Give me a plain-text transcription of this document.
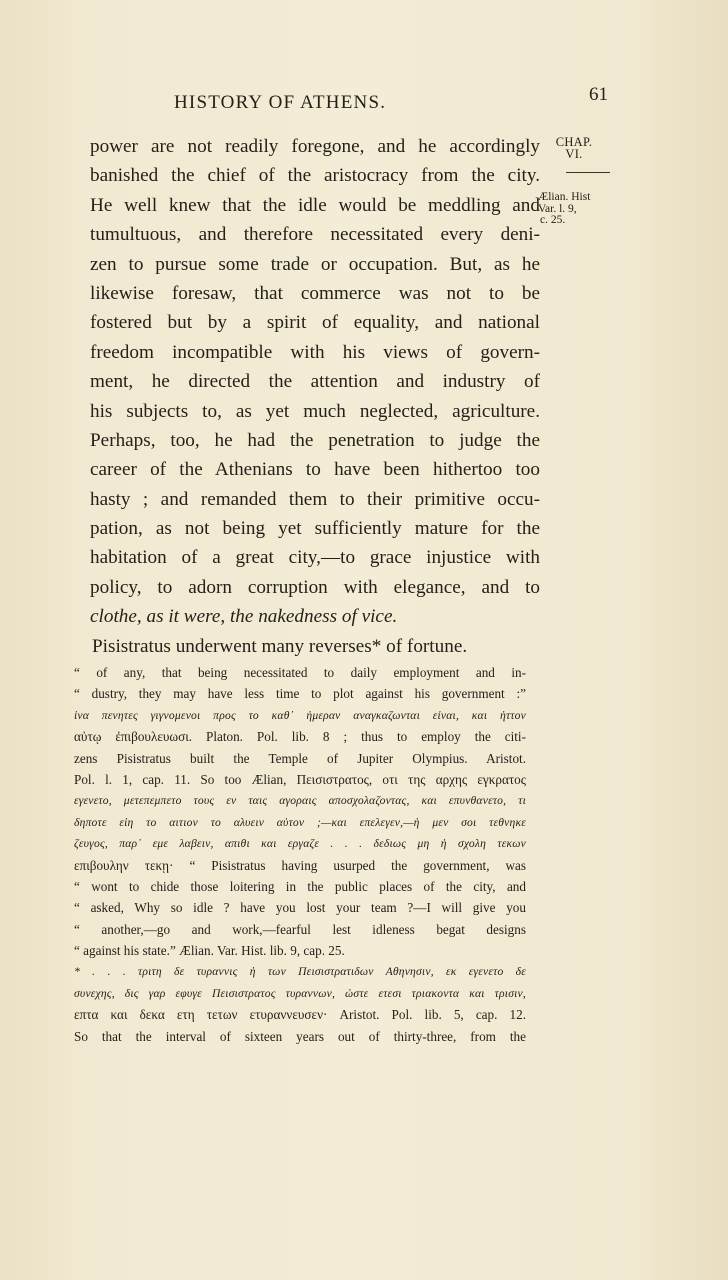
HISTORY OF ATHENS.	61
CHAP.
VI.
Ælian. Hist
Var. l. 9,
c. 25.
power are not readily foregone, and he accordingly
banished the chief of the aristocracy from the city.
He well knew that the idle would be meddling and
tumultuous, and therefore necessitated every deni-
zen to pursue some trade or occupation. But, as he
likewise foresaw, that commerce was not to be
fostered but by a spirit of equality, and national
freedom incompatible with his views of govern-
ment, he directed the attention and industry of
his subjects to, as yet much neglected, agriculture.
Perhaps, too, he had the penetration to judge the
career of the Athenians to have been hithertoo too
hasty ; and remanded them to their primitive occu-
pation, as not being yet sufficiently mature for the
habitation of a great city,—to grace injustice with
policy, to adorn corruption with elegance, and to
clothe, as it were, the nakedness of vice.
Pisistratus underwent many reverses* of fortune.
“ of any, that being necessitated to daily employment and in-
“ dustry, they may have less time to plot against his government :”
ἱνα πενητες γιγνομενοι προς το καθ᾽ ἡμεραν αναγκαζωνται εἰναι, και ἡττον
αὐτῳ ἐπιβουλευωσι. Platon. Pol. lib. 8 ; thus to employ the citi-
zens Pisistratus built the Temple of Jupiter Olympius. Aristot.
Pol. l. 1, cap. 11. So too Ælian, Πεισιστρατος, οτι της αρχης εγκρατος
εγενετο, μετεπεμπετο τους εν ταις αγοραις αποσχολαζοντας, και επυνθανετο, τι
δηποτε εἰη το αιτιον το αλυειν αὐτον ;—και επελεγεν,—ἡ μεν σοι τεθνηκε
ζευγος, παρ᾽ εμε λαβειν, απιθι και εργαζε . . . δεδιως μη ἡ σχολη τεκων
επιβουλην τεκῃ· “ Pisistratus having usurped the government, was
“ wont to chide those loitering in the public places of the city, and
“ asked, Why so idle ? have you lost your team ?—I will give you
“ another,—go and work,—fearful lest idleness begat designs
“ against his state.” Ælian. Var. Hist. lib. 9, cap. 25.
* . . . τριτη δε τυραννις ἡ των Πεισιστρατιδων Αθηνησιν, εκ εγενετο δε
συνεχης, δις γαρ εφυγε Πεισιστρατος τυραννων, ὡστε ετεσι τριακοντα και τρισιν,
επτα και δεκα ετη τετων ετυραννευσεν· Aristot. Pol. lib. 5, cap. 12.
So that the interval of sixteen years out of thirty-three, from the
